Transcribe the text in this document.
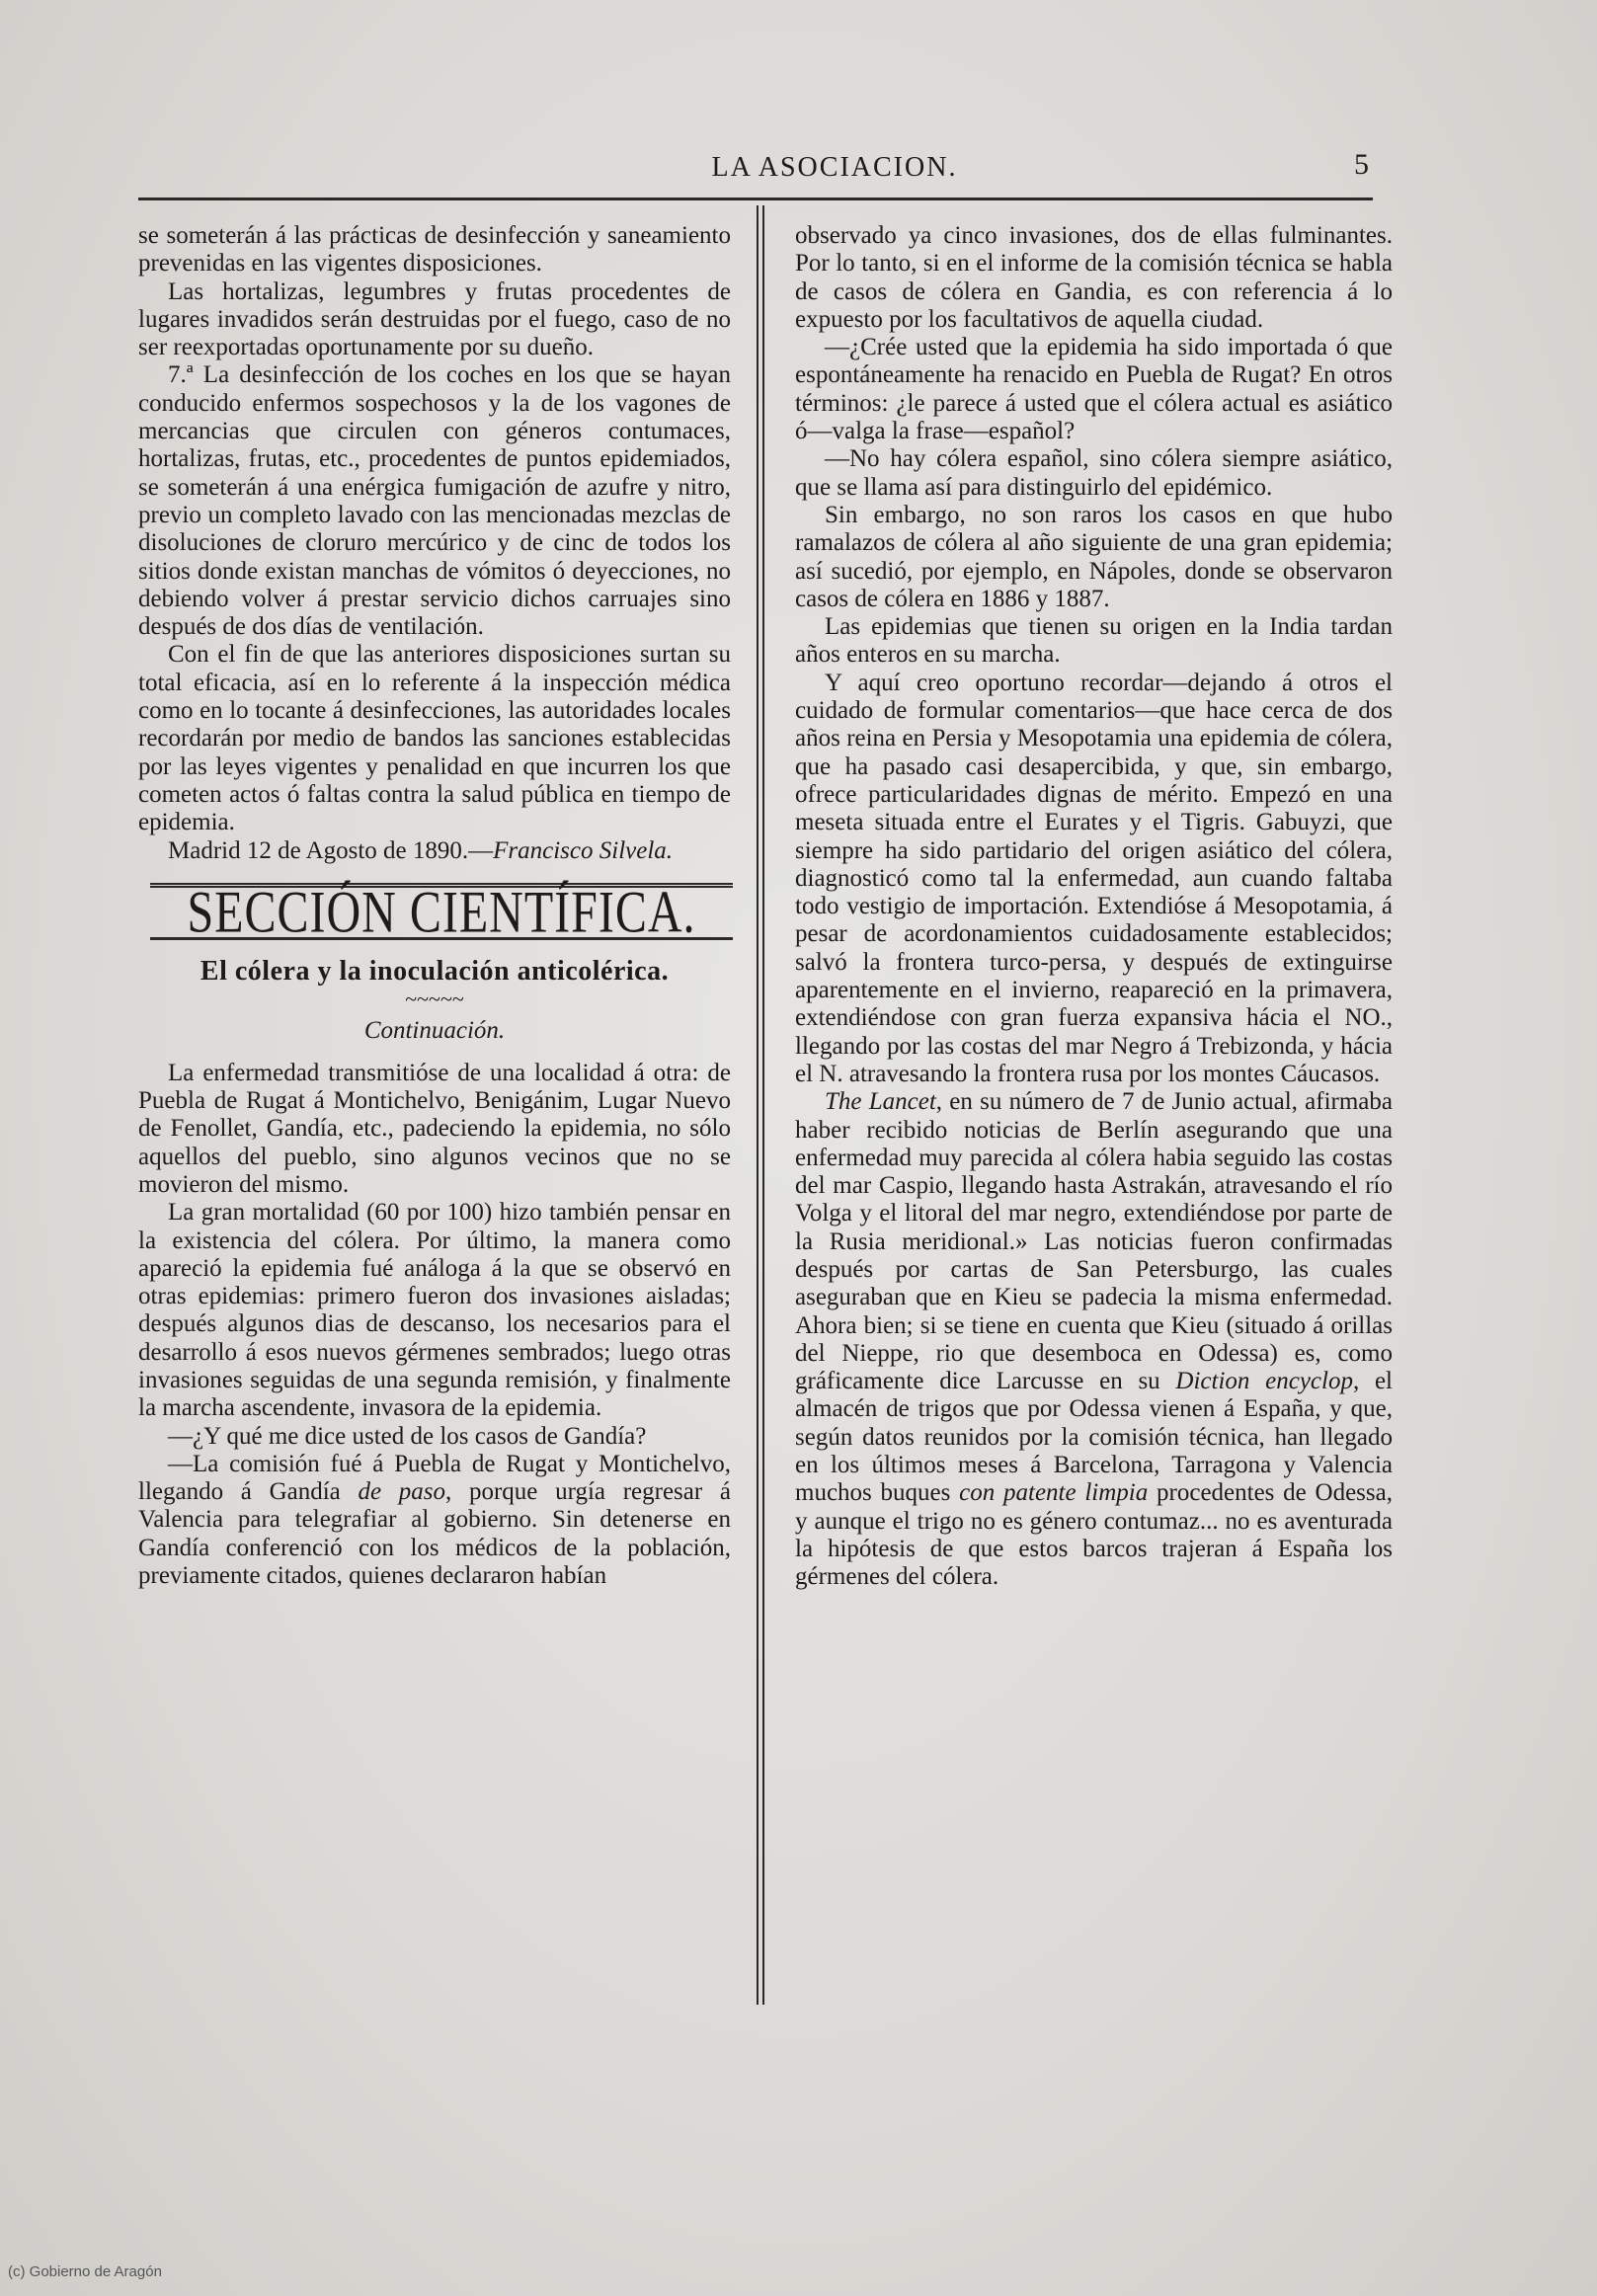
LA ASOCIACION.	5

se someterán á las prácticas de desinfección y saneamiento prevenidas en las vigentes disposiciones.

Las hortalizas, legumbres y frutas procedentes de lugares invadidos serán destruidas por el fuego, caso de no ser reexportadas oportunamente por su dueño.

7.ª La desinfección de los coches en los que se hayan conducido enfermos sospechosos y la de los vagones de mercancias que circulen con géneros contumaces, hortalizas, frutas, etc., procedentes de puntos epidemiados, se someterán á una enérgica fumigación de azufre y nitro, previo un completo lavado con las mencionadas mezclas de disoluciones de cloruro mercúrico y de cinc de todos los sitios donde existan manchas de vómitos ó deyecciones, no debiendo volver á prestar servicio dichos carruajes sino después de dos días de ventilación.

Con el fin de que las anteriores disposiciones surtan su total eficacia, así en lo referente á la inspección médica como en lo tocante á desinfecciones, las autoridades locales recordarán por medio de bandos las sanciones establecidas por las leyes vigentes y penalidad en que incurren los que cometen actos ó faltas contra la salud pública en tiempo de epidemia.

Madrid 12 de Agosto de 1890.—Francisco Silvela.

SECCIÓN CIENTÍFICA.
El cólera y la inoculación anticolérica.
~~~~~
Continuación.

La enfermedad transmitióse de una localidad á otra: de Puebla de Rugat á Montichelvo, Benigánim, Lugar Nuevo de Fenollet, Gandía, etc., padeciendo la epidemia, no sólo aquellos del pueblo, sino algunos vecinos que no se movieron del mismo.

La gran mortalidad (60 por 100) hizo también pensar en la existencia del cólera. Por último, la manera como apareció la epidemia fué análoga á la que se observó en otras epidemias: primero fueron dos invasiones aisladas; después algunos dias de descanso, los necesarios para el desarrollo á esos nuevos gérmenes sembrados; luego otras invasiones seguidas de una segunda remisión, y finalmente la marcha ascendente, invasora de la epidemia.

—¿Y qué me dice usted de los casos de Gandía?

—La comisión fué á Puebla de Rugat y Montichelvo, llegando á Gandía de paso, porque urgía regresar á Valencia para telegrafiar al gobierno. Sin detenerse en Gandía conferenció con los médicos de la población, previamente citados, quienes declararon habían

observado ya cinco invasiones, dos de ellas fulminantes. Por lo tanto, si en el informe de la comisión técnica se habla de casos de cólera en Gandia, es con referencia á lo expuesto por los facultativos de aquella ciudad.

—¿Crée usted que la epidemia ha sido importada ó que espontáneamente ha renacido en Puebla de Rugat? En otros términos: ¿le parece á usted que el cólera actual es asiático ó—valga la frase—español?

—No hay cólera español, sino cólera siempre asiático, que se llama así para distinguirlo del epidémico.

Sin embargo, no son raros los casos en que hubo ramalazos de cólera al año siguiente de una gran epidemia; así sucedió, por ejemplo, en Nápoles, donde se observaron casos de cólera en 1886 y 1887.

Las epidemias que tienen su origen en la India tardan años enteros en su marcha.

Y aquí creo oportuno recordar—dejando á otros el cuidado de formular comentarios—que hace cerca de dos años reina en Persia y Mesopotamia una epidemia de cólera, que ha pasado casi desapercibida, y que, sin embargo, ofrece particularidades dignas de mérito. Empezó en una meseta situada entre el Eurates y el Tigris. Gabuyzi, que siempre ha sido partidario del origen asiático del cólera, diagnosticó como tal la enfermedad, aun cuando faltaba todo vestigio de importación. Extendióse á Mesopotamia, á pesar de acordonamientos cuidadosamente establecidos; salvó la frontera turco-persa, y después de extinguirse aparentemente en el invierno, reapareció en la primavera, extendiéndose con gran fuerza expansiva hácia el NO., llegando por las costas del mar Negro á Trebizonda, y hácia el N. atravesando la frontera rusa por los montes Cáucasos.

The Lancet, en su número de 7 de Junio actual, afirmaba haber recibido noticias de Berlín asegurando que una enfermedad muy parecida al cólera habia seguido las costas del mar Caspio, llegando hasta Astrakán, atravesando el río Volga y el litoral del mar negro, extendiéndose por parte de la Rusia meridional.» Las noticias fueron confirmadas después por cartas de San Petersburgo, las cuales aseguraban que en Kieu se padecia la misma enfermedad. Ahora bien; si se tiene en cuenta que Kieu (situado á orillas del Nieppe, rio que desemboca en Odessa) es, como gráficamente dice Larcusse en su Diction encyclop, el almacén de trigos que por Odessa vienen á España, y que, según datos reunidos por la comisión técnica, han llegado en los últimos meses á Barcelona, Tarragona y Valencia muchos buques con patente limpia procedentes de Odessa, y aunque el trigo no es género contumaz... no es aventurada la hipótesis de que estos barcos trajeran á España los gérmenes del cólera.

(c) Gobierno de Aragón
